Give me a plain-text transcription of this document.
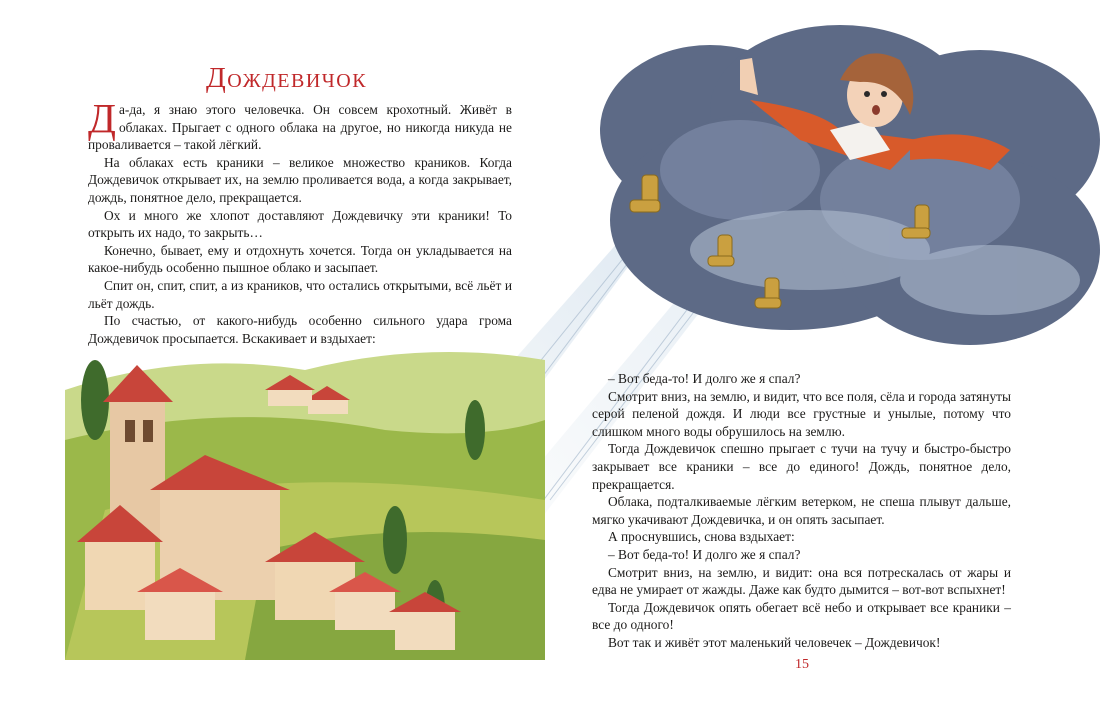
Дождевичок

Да-да, я знаю этого человечка. Он совсем крохотный. Живёт в облаках. Прыгает с одного облака на другое, но никогда никуда не проваливается – такой лёгкий.

На облаках есть краники – великое множество краников. Когда Дождевичок открывает их, на землю проливается вода, а когда закрывает, дождь, понятное дело, прекращается.

Ох и много же хлопот доставляют Дождевичку эти краники! То открыть их надо, то закрыть…

Конечно, бывает, ему и отдохнуть хочется. Тогда он укладывается на какое-нибудь особенно пышное облако и засыпает.

Спит он, спит, спит, а из краников, что остались открытыми, всё льёт и льёт дождь.

По счастью, от какого-нибудь особенно сильного удара грома Дождевичок просыпается. Вскакивает и вздыхает:

– Вот беда-то! И долго же я спал?

Смотрит вниз, на землю, и видит, что все поля, сёла и города затянуты серой пеленой дождя. И люди все грустные и унылые, потому что слишком много воды обрушилось на землю.

Тогда Дождевичок спешно прыгает с тучи на тучу и быстро-быстро закрывает все краники – все до единого! Дождь, понятное дело, прекращается.

Облака, подталкиваемые лёгким ветерком, не спеша плывут дальше, мягко укачивают Дождевичка, и он опять засыпает.

А проснувшись, снова вздыхает:

– Вот беда-то! И долго же я спал?

Смотрит вниз, на землю, и видит: она вся потрескалась от жары и едва не умирает от жажды. Даже как будто дымится – вот-вот вспыхнет!

Тогда Дождевичок опять обегает всё небо и открывает все краники – все до одного!

Вот так и живёт этот маленький человечек – Дождевичок!

15
